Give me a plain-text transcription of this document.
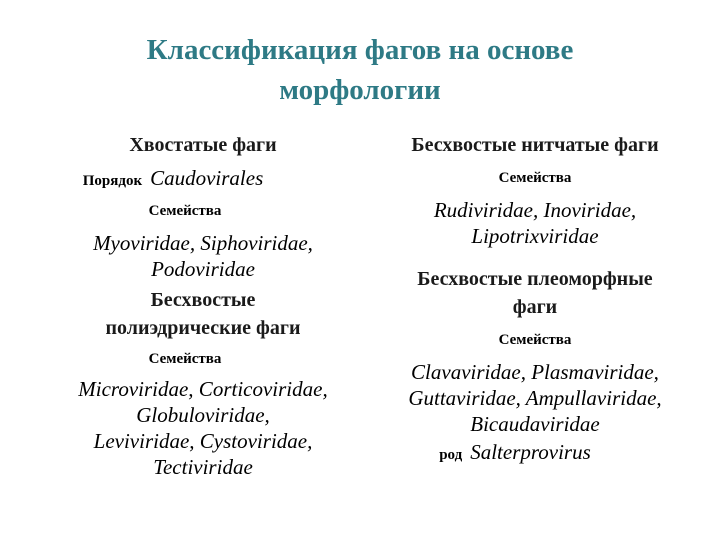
Классификация фагов на основе
морфологии
Хвостатые фаги
Порядок Caudovirales
Семейства
Myoviridae, Siphoviridae,
Podoviridae
Бесхвостые
полиэдрические фаги
Семейства
Microviridae, Corticoviridae,
Globuloviridae,
Leviviridae, Cystoviridae,
Tectiviridae
Бесхвостые нитчатые фаги
Семейства
Rudiviridae, Inoviridae,
Lipotrixviridae
Бесхвостые плеоморфные
фаги
Семейства
Clavaviridae, Plasmaviridae,
Guttaviridae, Ampullaviridae,
Bicaudaviridae
род Salterprovirus
